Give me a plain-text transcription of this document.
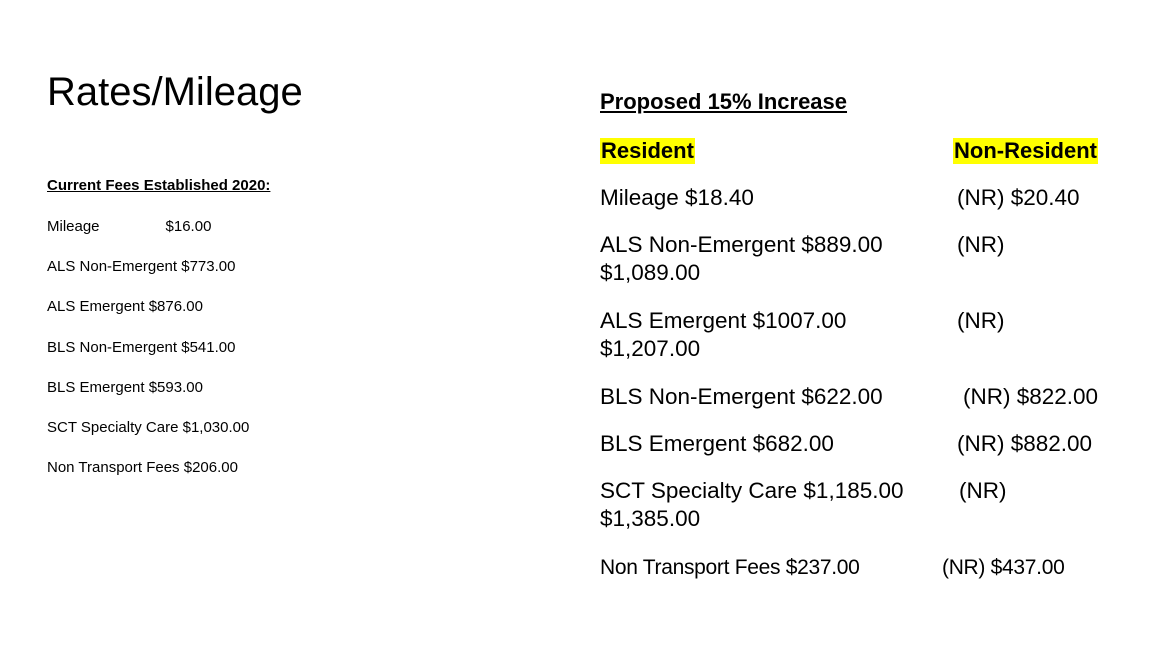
Rates/Mileage
Current Fees Established 2020:
Mileage	$16.00
ALS Non-Emergent $773.00
ALS Emergent $876.00
BLS Non-Emergent $541.00
BLS Emergent $593.00
SCT Specialty Care $1,030.00
Non Transport Fees $206.00
Proposed 15% Increase
Resident	Non-Resident
Mileage $18.40	(NR) $20.40
ALS Non-Emergent $889.00	(NR)
$1,089.00
ALS Emergent $1007.00	(NR)
$1,207.00
BLS Non-Emergent $622.00	(NR) $822.00
BLS Emergent $682.00	(NR) $882.00
SCT Specialty Care $1,185.00 (NR)
$1,385.00
Non Transport Fees $237.00	(NR) $437.00
